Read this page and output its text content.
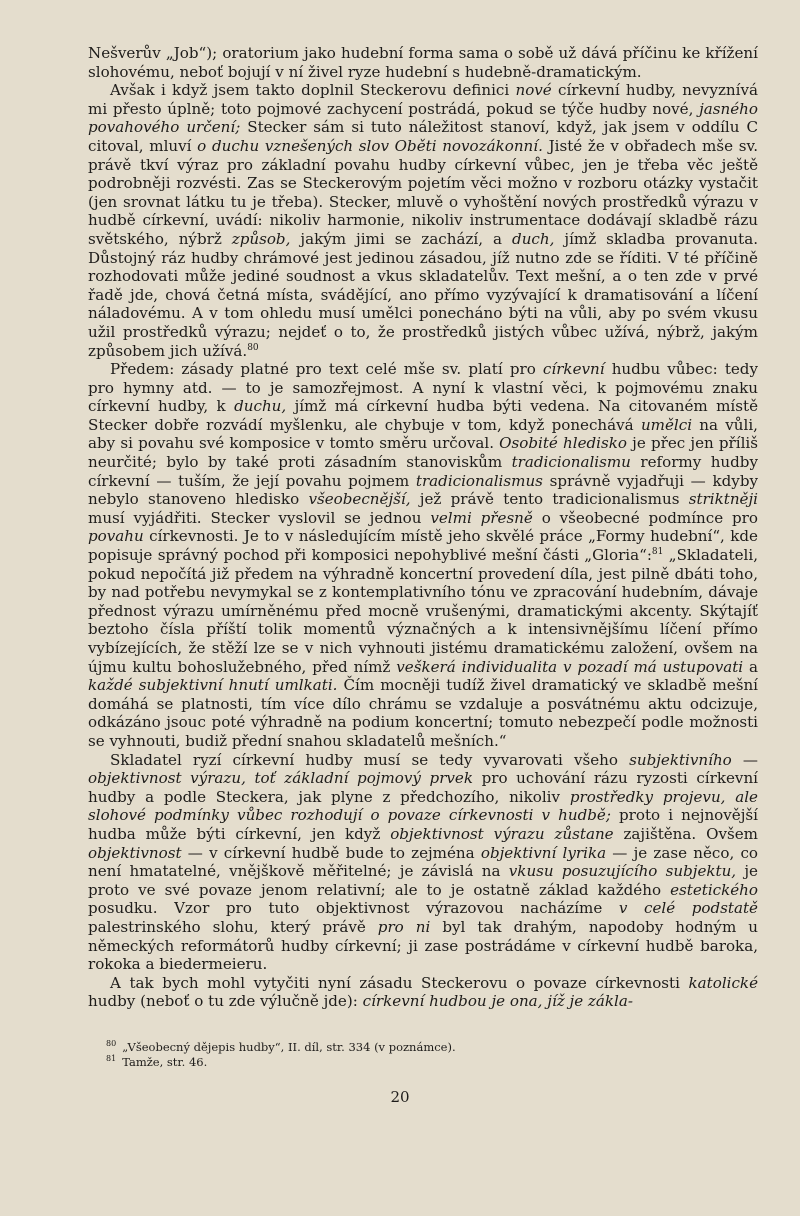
Nešverův „Job“); oratorium jako hudební forma sama o sobě už dává příčinu ke křížení slohovému, neboť bojují v ní živel ryze hudební s hudebně-dramatickým.

Avšak i když jsem takto doplnil Steckerovu definici nové církevní hudby, nevyznívá mi přesto úplně; toto pojmové zachycení postrádá, pokud se týče hudby nové, jasného povahového určení; Stecker sám si tuto náležitost stanoví, když, jak jsem v oddílu C citoval, mluví o duchu vznešených slov Oběti novozákonní. Jisté že v obřadech mše sv. právě tkví výraz pro základní povahu hudby církevní vůbec, jen je třeba věc ještě podrobněji rozvésti. Zas se Steckerovým pojetím věci možno v rozboru otázky vystačit (jen srovnat látku tu je třeba). Stecker, mluvě o vyhoštění nových prostředků výrazu v hudbě církevní, uvádí: nikoliv harmonie, nikoliv instrumentace dodávají skladbě rázu světského, nýbrž způsob, jakým jimi se zachází, a duch, jímž skladba provanuta. Důstojný ráz hudby chrámové jest jedinou zásadou, jíž nutno zde se říditi. V té příčině rozhodovati může jediné soudnost a vkus skladatelův. Text mešní, a o ten zde v prvé řadě jde, chová četná místa, svádějící, ano přímo vyzývající k dramatisování a líčení náladovému. A v tom ohledu musí umělci ponecháno býti na vůli, aby po svém vkusu užil prostředků výrazu; nejdeť o to, že prostředků jistých vůbec užívá, nýbrž, jakým způsobem jich užívá.$^{80}$

Předem: zásady platné pro text celé mše sv. platí pro církevní hudbu vůbec: tedy pro hymny atd. — to je samozřejmost. A nyní k vlastní věci, k pojmovému znaku církevní hudby, k duchu, jímž má církevní hudba býti vedena. Na citovaném místě Stecker dobře rozvádí myšlenku, ale chybuje v tom, když ponechává umělci na vůli, aby si povahu své komposice v tomto směru určoval. Osobité hledisko je přec jen příliš neurčité; bylo by také proti zásadním stanoviskům tradicionalismu reformy hudby církevní — tuším, že její povahu pojmem tradicionalismus správně vyjadřuji — kdyby nebylo stanoveno hledisko všeobecnější, jež právě tento tradicionalismus striktněji musí vyjádřiti. Stecker vyslovil se jednou velmi přesně o všeobecné podmínce pro povahu církevnosti. Je to v následujícím místě jeho skvělé práce „Formy hudební“, kde popisuje správný pochod při komposici nepohyblivé mešní části „Gloria“:$^{81}$ „Skladateli, pokud nepočítá již předem na výhradně koncertní provedení díla, jest pilně dbáti toho, by nad potřebu nevymykal se z kontemplativního tónu ve zpracování hudebním, dávaje přednost výrazu umírněnému před mocně vrušenými, dramatickými akcenty. Skýtajíť beztoho čísla příští tolik momentů význačných a k intensivnějšímu líčení přímo vybízejících, že stěží lze se v nich vyhnouti jistému dramatickému založení, ovšem na újmu kultu bohoslužebného, před nímž veškerá individualita v pozadí má ustupovati a každé subjektivní hnutí umlkati. Čím mocněji tudíž živel dramatický ve skladbě mešní domáhá se platnosti, tím více dílo chrámu se vzdaluje a posvátnému aktu odcizuje, odkázáno jsouc poté výhradně na podium koncertní; tomuto nebezpečí podle možnosti se vyhnouti, budiž přední snahou skladatelů mešních.“

Skladatel ryzí církevní hudby musí se tedy vyvarovati všeho subjektivního — objektivnost výrazu, toť základní pojmový prvek pro uchování rázu ryzosti církevní hudby a podle Steckera, jak plyne z předchozího, nikoliv prostředky projevu, ale slohové podmínky vůbec rozhodují o povaze církevnosti v hudbě; proto i nejnovější hudba může býti církevní, jen když objektivnost výrazu zůstane zajištěna. Ovšem objektivnost — v církevní hudbě bude to zejména objektivní lyrika — je zase něco, co není hmatatelné, vnějškově měřitelné; je závislá na vkusu posuzujícího subjektu, je proto ve své povaze jenom relativní; ale to je ostatně základ každého estetického posudku. Vzor pro tuto objektivnost výrazovou nacházíme v celé podstatě palestrinského slohu, který právě pro ni byl tak drahým, napodoby hodným u německých reformátorů hudby církevní; ji zase postrádáme v církevní hudbě baroka, rokoka a biedermeieru.

A tak bych mohl vytyčiti nyní zásadu Steckerovu o povaze církevnosti katolické hudby (neboť o tu zde výlučně jde): církevní hudbou je ona, jíž je zákla-

$^{80}$ „Všeobecný dějepis hudby“, II. díl, str. 334 (v poznámce).
$^{81}$ Tamže, str. 46.
20
